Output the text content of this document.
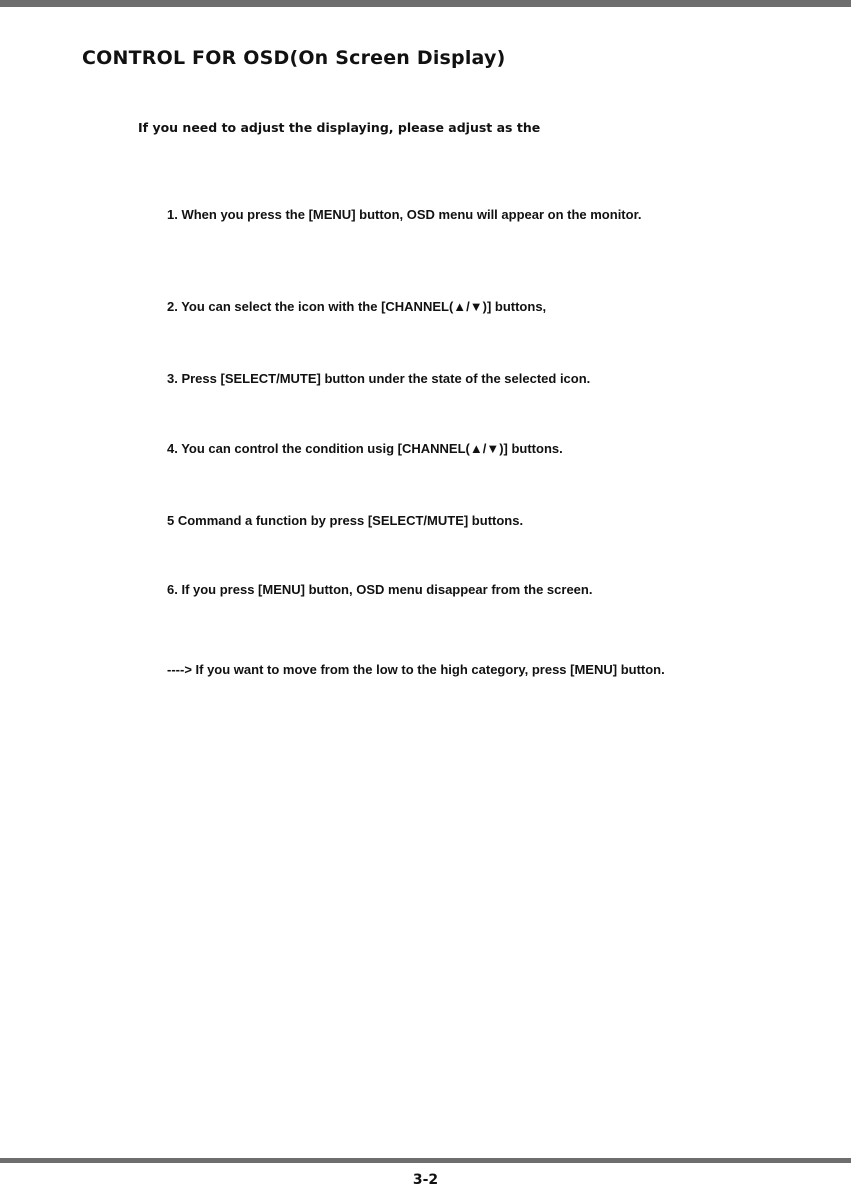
CONTROL FOR OSD(On Screen Display)
If you need to adjust the displaying, please adjust as the
1. When you press the [MENU] button, OSD menu will appear on the monitor.
2. You can select the icon with the [CHANNEL(▲/▼)] buttons,
3. Press [SELECT/MUTE] button under the state of the selected icon.
4. You can control the condition usig [CHANNEL(▲/▼)] buttons.
5 Command a function by press [SELECT/MUTE] buttons.
6. If you press [MENU] button, OSD menu disappear from the screen.
----> If you want to move from the low to the high category, press [MENU] button.
3-2
